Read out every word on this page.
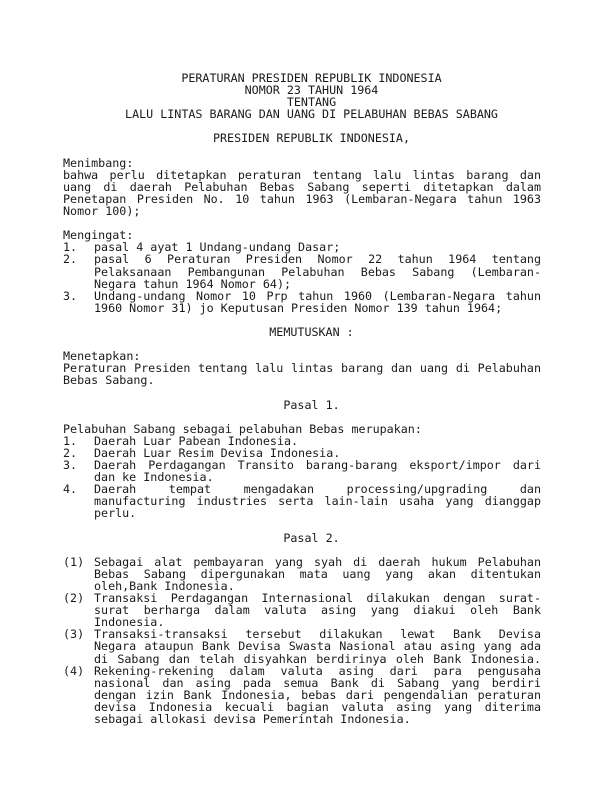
PERATURAN PRESIDEN REPUBLIK INDONESIA
NOMOR 23 TAHUN 1964
TENTANG
LALU LINTAS BARANG DAN UANG DI PELABUHAN BEBAS SABANG
PRESIDEN REPUBLIK INDONESIA,
Menimbang:
bahwa perlu ditetapkan peraturan tentang lalu lintas barang dan
uang di daerah Pelabuhan Bebas Sabang seperti ditetapkan dalam
Penetapan Presiden No. 10 tahun 1963 (Lembaran-Negara tahun 1963
Nomor 100);
Mengingat:
1.	pasal 4 ayat 1 Undang-undang Dasar;
2.	pasal 6 Peraturan Presiden Nomor 22 tahun 1964 tentang
Pelaksanaan Pembangunan Pelabuhan Bebas Sabang (Lembaran-
Negara tahun 1964 Nomor 64);
3.	Undang-undang Nomor 10 Prp tahun 1960 (Lembaran-Negara tahun
1960 Nomor 31) jo Keputusan Presiden Nomor 139 tahun 1964;
MEMUTUSKAN :
Menetapkan:
Peraturan Presiden tentang lalu lintas barang dan uang di Pelabuhan
Bebas Sabang.
Pasal 1.
Pelabuhan Sabang sebagai pelabuhan Bebas merupakan:
1.	Daerah Luar Pabean Indonesia.
2.	Daerah Luar Resim Devisa Indonesia.
3.	Daerah Perdagangan Transito barang-barang eksport/impor dari
dan ke Indonesia.
4.	Daerah tempat mengadakan processing/upgrading dan
manufacturing industries serta lain-lain usaha yang dianggap
perlu.
Pasal 2.
(1) Sebagai alat pembayaran yang syah di daerah hukum Pelabuhan
Bebas Sabang dipergunakan mata uang yang akan ditentukan
oleh,Bank Indonesia.
(2) Transaksi Perdagangan Internasional dilakukan dengan surat-
surat berharga dalam valuta asing yang diakui oleh Bank
Indonesia.
(3) Transaksi-transaksi tersebut dilakukan lewat Bank Devisa
Negara ataupun Bank Devisa Swasta Nasional atau asing yang ada
di Sabang dan telah disyahkan berdirinya oleh Bank Indonesia.
(4) Rekening-rekening dalam valuta asing dari para pengusaha
nasional dan asing pada semua Bank di Sabang yang berdiri
dengan izin Bank Indonesia, bebas dari pengendalian peraturan
devisa Indonesia kecuali bagian valuta asing yang diterima
sebagai allokasi devisa Pemerintah Indonesia.
